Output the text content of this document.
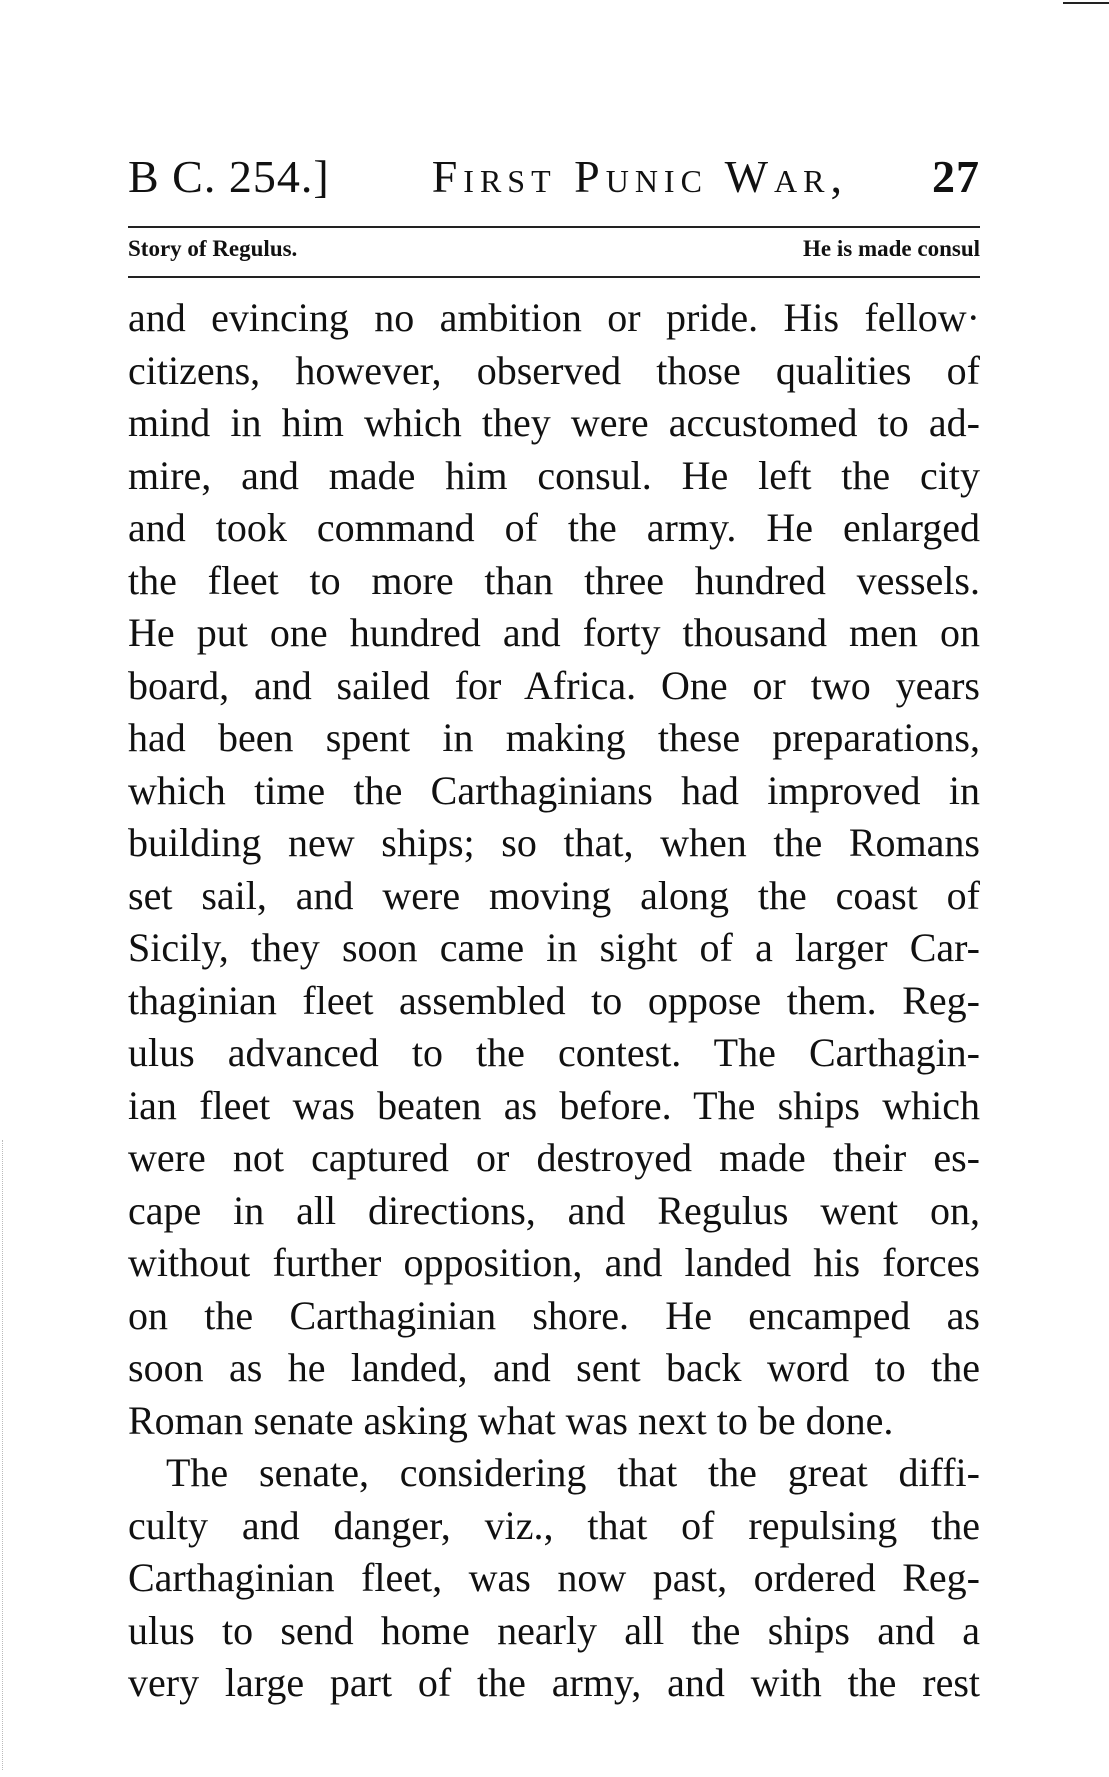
B C. 254.] First Punic War, 27
Story of Regulus.	He is made consul
and evincing no ambition or pride. His fellow·
citizens, however, observed those qualities of
mind in him which they were accustomed to ad-
mire, and made him consul. He left the city
and took command of the army. He enlarged
the fleet to more than three hundred vessels.
He put one hundred and forty thousand men on
board, and sailed for Africa. One or two years
had been spent in making these preparations,
which time the Carthaginians had improved in
building new ships; so that, when the Romans
set sail, and were moving along the coast of
Sicily, they soon came in sight of a larger Car-
thaginian fleet assembled to oppose them. Reg-
ulus advanced to the contest. The Carthagin-
ian fleet was beaten as before. The ships which
were not captured or destroyed made their es-
cape in all directions, and Regulus went on,
without further opposition, and landed his forces
on the Carthaginian shore. He encamped as
soon as he landed, and sent back word to the
Roman senate asking what was next to be done.
The senate, considering that the great diffi-
culty and danger, viz., that of repulsing the
Carthaginian fleet, was now past, ordered Reg-
ulus to send home nearly all the ships and a
very large part of the army, and with the rest
